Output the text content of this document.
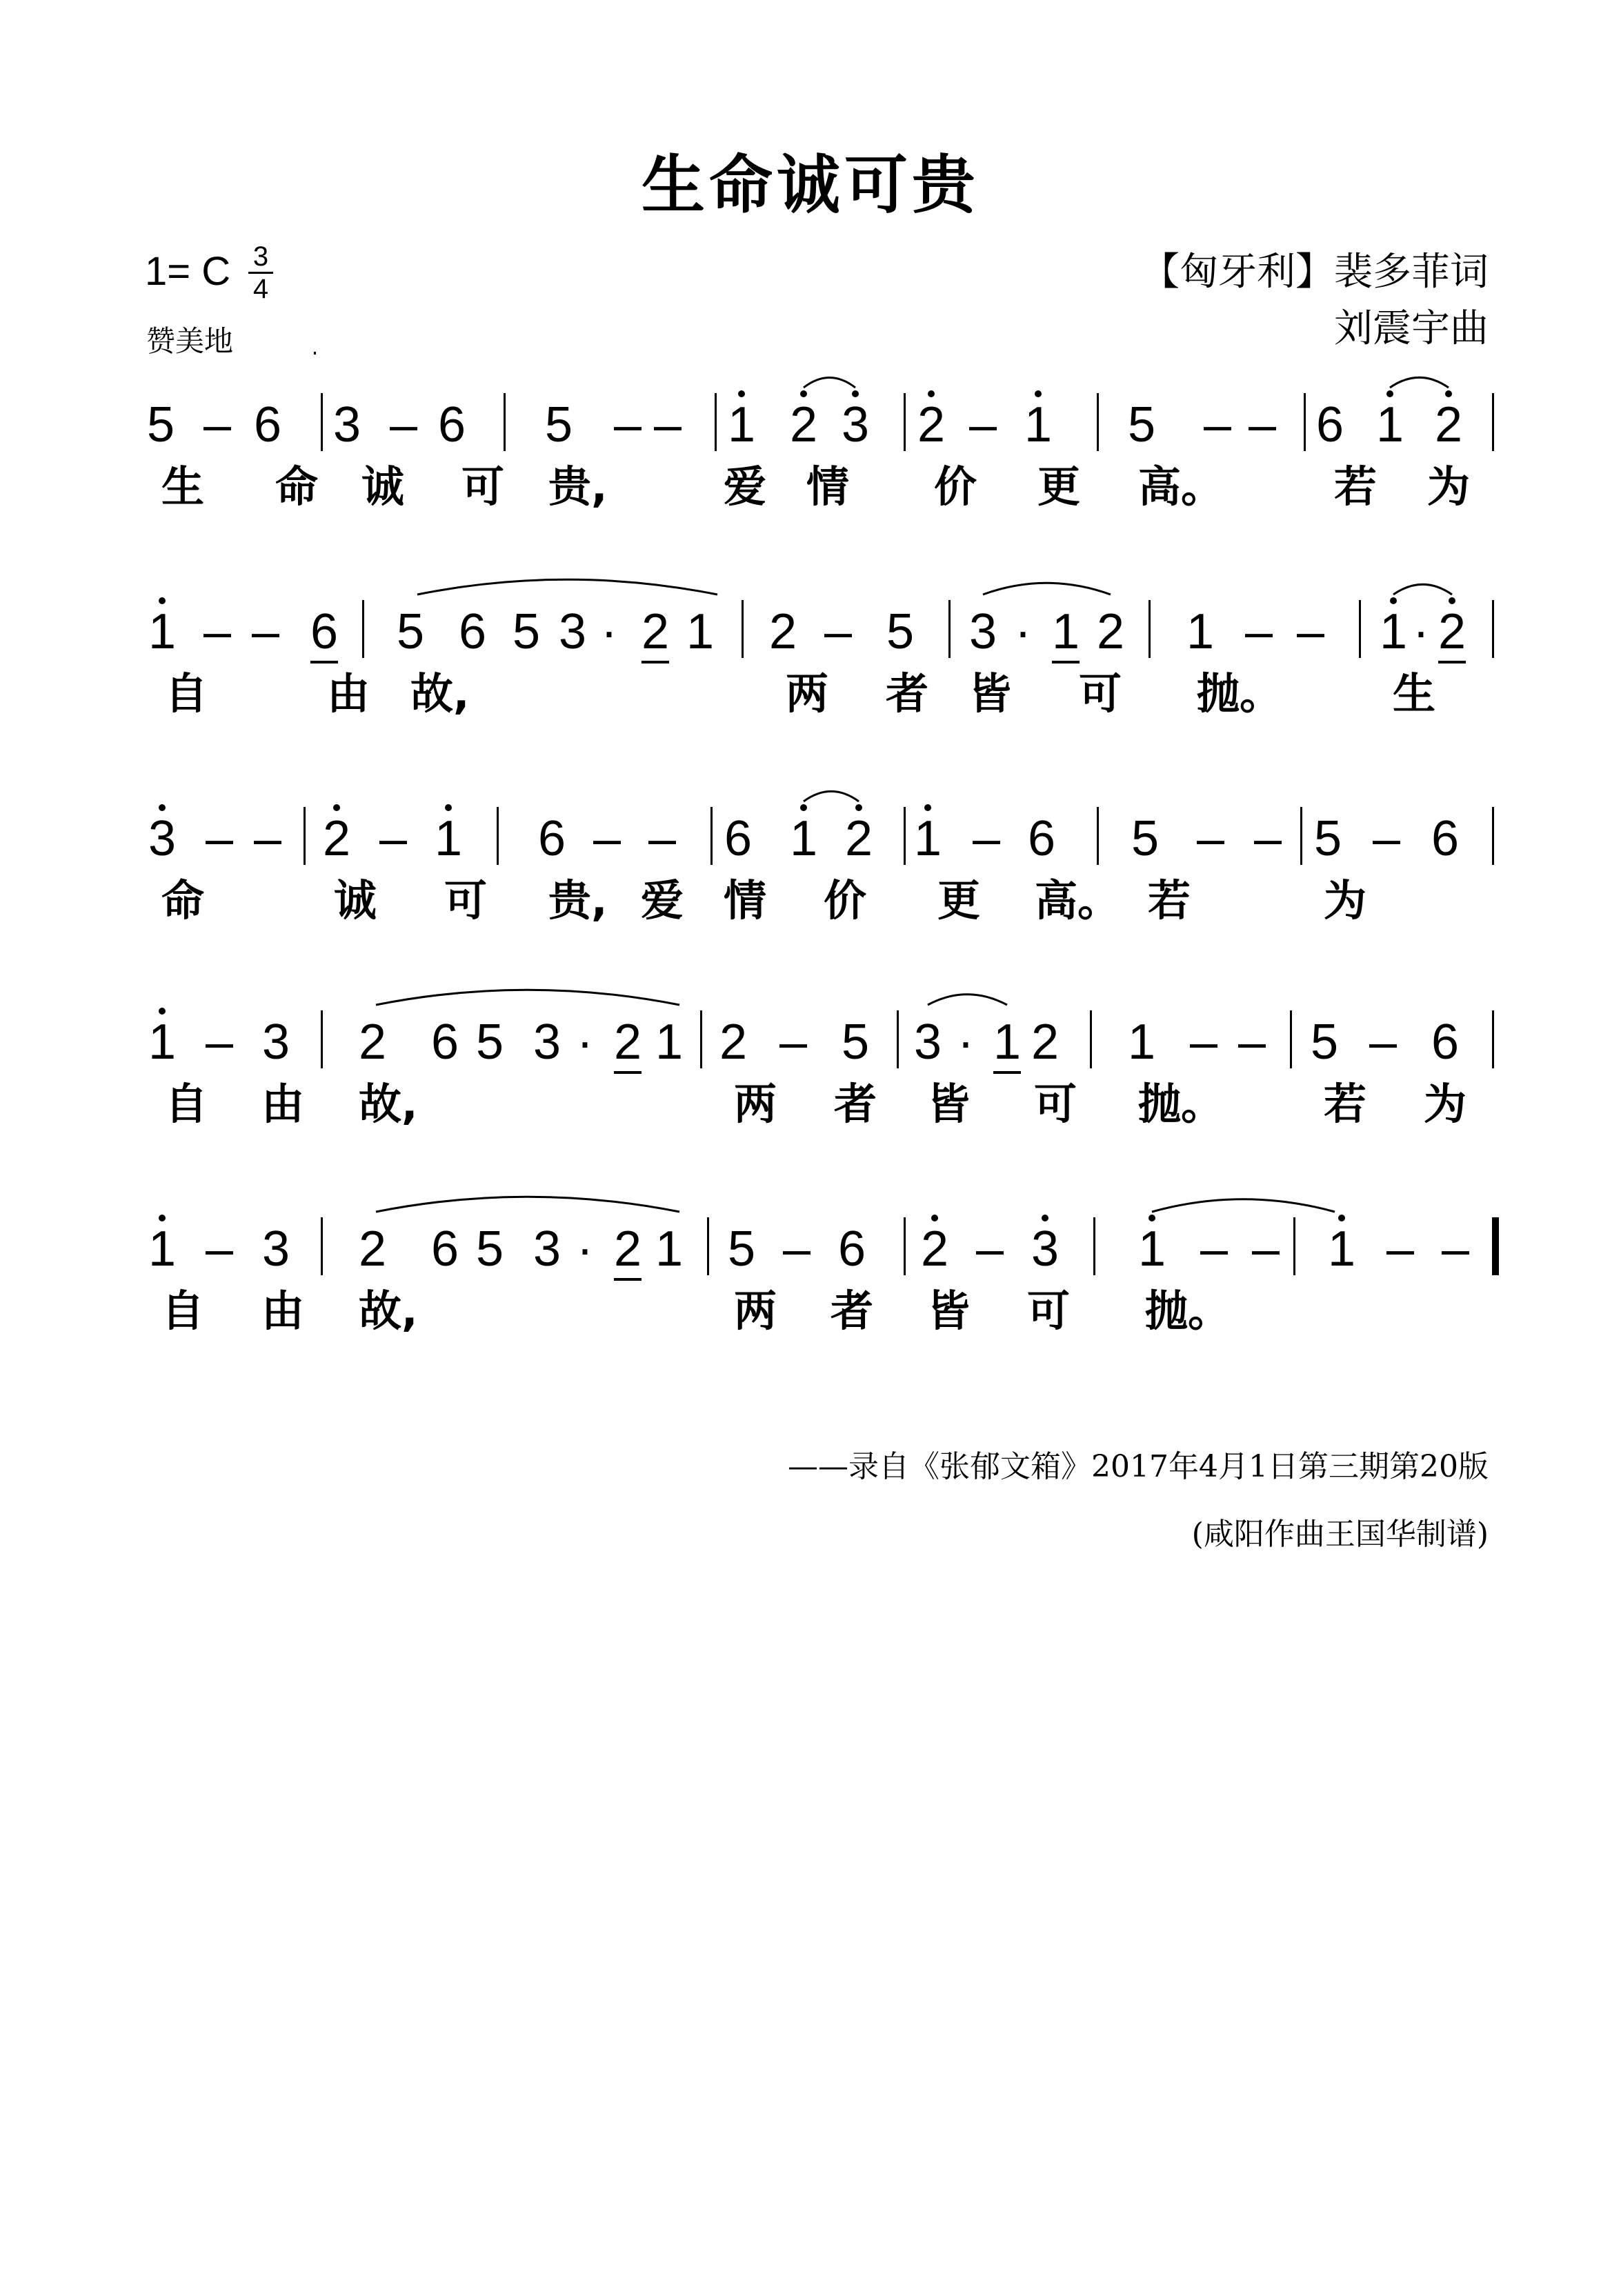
生命诚可贵
1= C 3
4
赞美地
【匈牙利】裴多菲词
刘震宇曲
5 – 6 3 – 6 5 – – 1 2 3 2 – 1 5 – – 6 1 2
生 命 诚 可 贵,	爱 情 价 更 高。	若 为
1 – – 6 5 6 5 3 · 2 1 2 – 5 3 · 1 2 1 – – 1 · 2
自	由 故,	两 者 皆 可 抛。	生
3 – – 2 – 1 6 – – 6 1 2 1 – 6 5 – – 5 – 6
命	诚 可 贵, 爱 情 价 更 高。 若	为
1 – 3 2 6 5 3 · 2 1 2 – 5 3 · 1 2 1 – – 5 – 6
自 由 故,	两 者 皆 可 抛。 若 为
1 – 3 2 6 5 3 · 2 1 5 – 6 2 – 3 1 – – 1 – –
自 由 故,	两 者 皆 可 抛。
——录自《张郁文箱》2017年4月1日第三期第20版
(咸阳作曲王国华制谱)
